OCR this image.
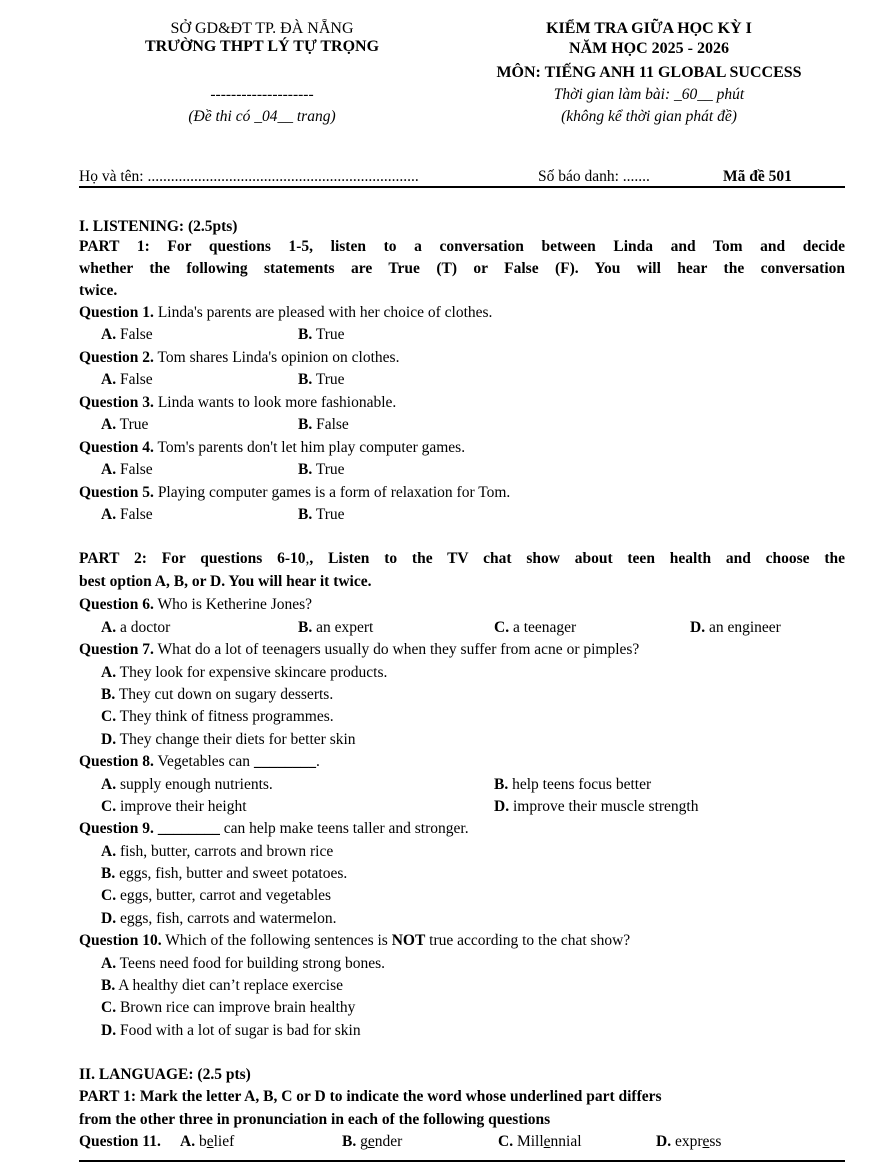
SỞ GD&ĐT TP. ĐÀ NẴNG
TRƯỜNG THPT LÝ TỰ TRỌNG
--------------------
(Đề thi có _04__ trang)
KIỂM TRA GIỮA HỌC KỲ I
NĂM HỌC 2025 - 2026
MÔN: TIẾNG ANH 11 GLOBAL SUCCESS
Thời gian làm bài: _60__ phút
(không kể thời gian phát đề)
Họ và tên: ......................................................................	Số báo danh: .......	Mã đề 501
I. LISTENING: (2.5pts)
PART 1: For questions 1-5, listen to a conversation between Linda and Tom and decide
whether the following statements are True (T) or False (F). You will hear the conversation
twice.
Question 1. Linda's parents are pleased with her choice of clothes.
A. False	B. True
Question 2. Tom shares Linda's opinion on clothes.
A. False	B. True
Question 3. Linda wants to look more fashionable.
A. True	B. False
Question 4. Tom's parents don't let him play computer games.
A. False	B. True
Question 5. Playing computer games is a form of relaxation for Tom.
A. False	B. True
PART 2: For questions 6-10,, Listen to the TV chat show about teen health and choose the
best option A, B, or D. You will hear it twice.
Question 6. Who is Ketherine Jones?
A. a doctor	B. an expert	C. a teenager	D. an engineer
Question 7. What do a lot of teenagers usually do when they suffer from acne or pimples?
A. They look for expensive skincare products.
B. They cut down on sugary desserts.
C. They think of fitness programmes.
D. They change their diets for better skin
Question 8. Vegetables can ________.
A. supply enough nutrients.	B. help teens focus better
C. improve their height	D. improve their muscle strength
Question 9. ________ can help make teens taller and stronger.
A. fish, butter, carrots and brown rice
B. eggs, fish, butter and sweet potatoes.
C. eggs, butter, carrot and vegetables
D. eggs, fish, carrots and watermelon.
Question 10. Which of the following sentences is NOT true according to the chat show?
A. Teens need food for building strong bones.
B. A healthy diet can’t replace exercise
C. Brown rice can improve brain healthy
D. Food with a lot of sugar is bad for skin
II. LANGUAGE: (2.5 pts)
PART 1: Mark the letter A, B, C or D to indicate the word whose underlined part differs
from the other three in pronunciation in each of the following questions
Question 11. A. belief	B. gender	C. Millennial	D. express
